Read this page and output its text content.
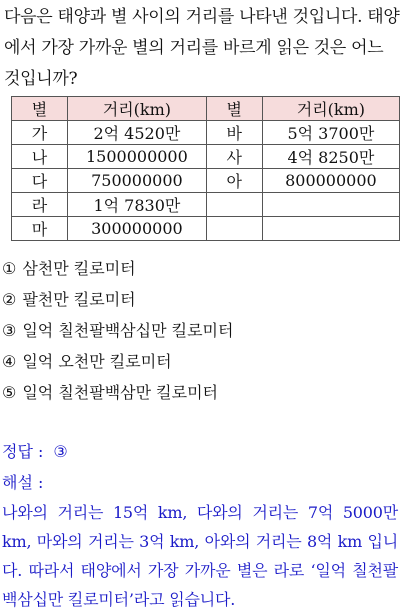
다음은 태양과 별 사이의 거리를 나타낸 것입니다. 태양에서 가장 가까운 별의 거리를 바르게 읽은 것은 어느 것입니까?
별	거리(km)	별	거리(km)
가	2억 4520만	바	5억 3700만
나	1500000000	사	4억 8250만
다	750000000	아	800000000
라	1억 7830만		
마	300000000		
① 삼천만 킬로미터
② 팔천만 킬로미터
③ 일억 칠천팔백삼십만 킬로미터
④ 일억 오천만 킬로미터
⑤ 일억 칠천팔백삼만 킬로미터
정답 : ③
해설 :
나와의 거리는 15억 km, 다와의 거리는 7억 5000만 km, 마와의 거리는 3억 km, 아와의 거리는 8억 km 입니다. 따라서 태양에서 가장 가까운 별은 라로 ‘일억 칠천팔백삼십만 킬로미터’라고 읽습니다.
